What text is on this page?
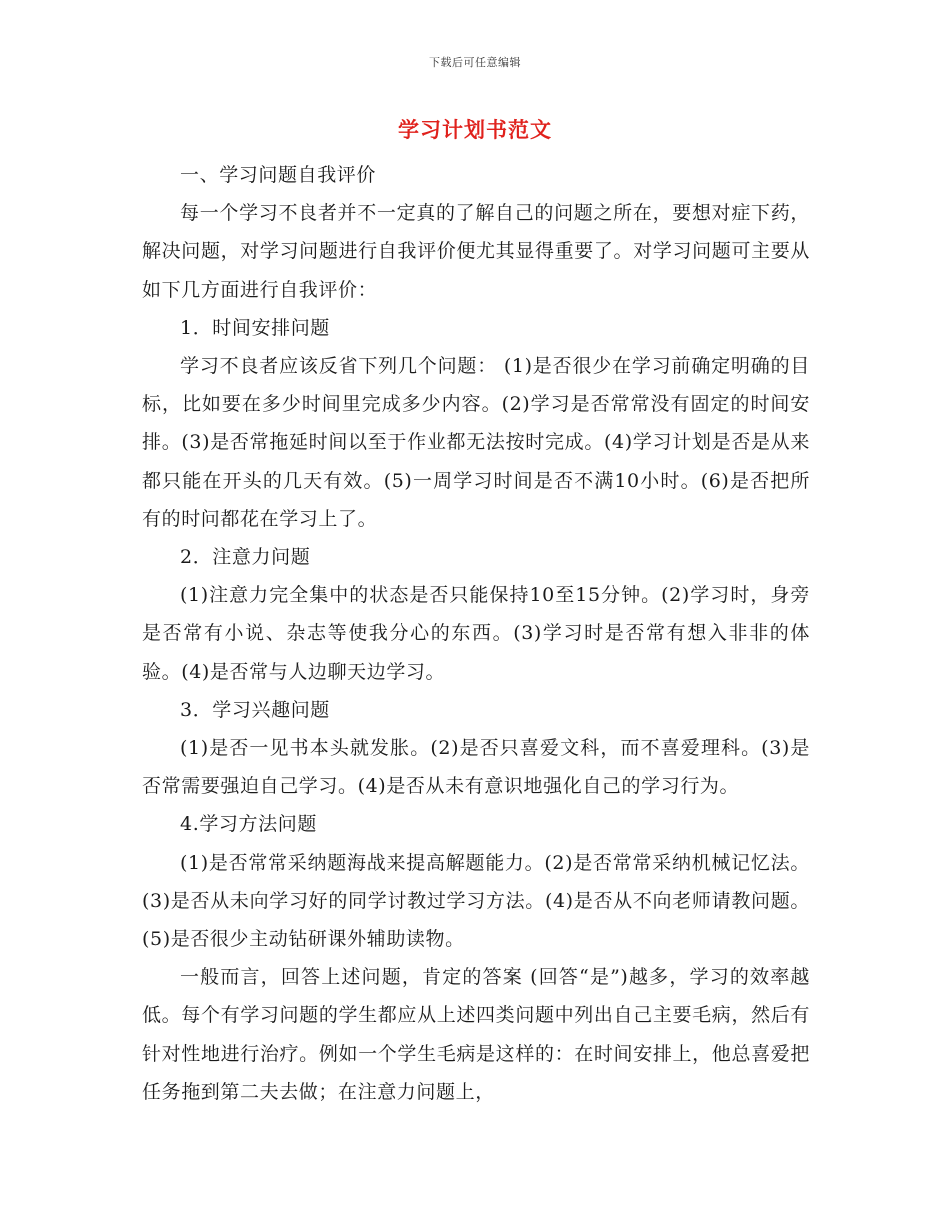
下载后可任意编辑
学习计划书范文

一、学习问题自我评价

每一个学习不良者并不一定真的了解自己的问题之所在，要想对症下药，解决问题，对学习问题进行自我评价便尤其显得重要了。对学习问题可主要从如下几方面进行自我评价：

1．时间安排问题

学习不良者应该反省下列几个问题： (1)是否很少在学习前确定明确的目标，比如要在多少时间里完成多少内容。(2)学习是否常常没有固定的时间安排。(3)是否常拖延时间以至于作业都无法按时完成。(4)学习计划是否是从来都只能在开头的几天有效。(5)一周学习时间是否不满10小时。(6)是否把所有的时问都花在学习上了。

2．注意力问题

(1)注意力完全集中的状态是否只能保持10至15分钟。(2)学习时，身旁是否常有小说、杂志等使我分心的东西。(3)学习时是否常有想入非非的体验。(4)是否常与人边聊天边学习。

3．学习兴趣问题

(1)是否一见书本头就发胀。(2)是否只喜爱文科，而不喜爱理科。(3)是否常需要强迫自己学习。(4)是否从未有意识地强化自己的学习行为。

4.学习方法问题

(1)是否常常采纳题海战来提高解题能力。(2)是否常常采纳机械记忆法。(3)是否从未向学习好的同学讨教过学习方法。(4)是否从不向老师请教问题。(5)是否很少主动钻研课外辅助读物。

一般而言，回答上述问题，肯定的答案 (回答“是”)越多，学习的效率越低。每个有学习问题的学生都应从上述四类问题中列出自己主要毛病，然后有针对性地进行治疗。例如一个学生毛病是这样的：在时间安排上，他总喜爱把任务拖到第二夫去做；在注意力问题上，
